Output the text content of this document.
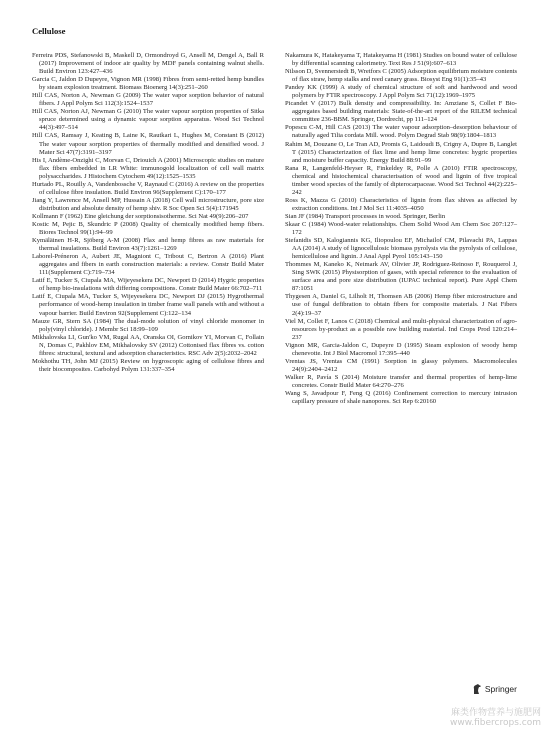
Cellulose

Ferreira PDS, Stefanowski B, Maskell D, Ormondroyd G, Ansell M, Dengel A, Ball R (2017) Improvement of indoor air quality by MDF panels containing walnut shells. Build Environ 123:427–436

Garcia C, Jaldon D Dupeyre, Vignon MR (1998) Fibres from semi-retted hemp bundles by steam explosion treatment. Biomass Bioenerg 14(3):251–260

Hill CAS, Norton A, Newman G (2009) The water vapor sorption behavior of natural fibers. J Appl Polym Sci 112(3):1524–1537

Hill CAS, Norton AJ, Newman G (2010) The water vapour sorption properties of Sitka spruce determined using a dynamic vapour sorption apparatus. Wood Sci Technol 44(3):497–514

Hill CAS, Ramsay J, Keating B, Laine K, Rautkari L, Hughes M, Constant B (2012) The water vapour sorption properties of thermally modified and densified wood. J Mater Sci 47(7):3191–3197

His I, Andème-Onzighi C, Morvan C, Driouich A (2001) Microscopic studies on mature flax fibers embedded in LR White: immunogold localization of cell wall matrix polysaccharides. J Histochem Cytochem 49(12):1525–1535

Hurtado PL, Rouilly A, Vandenbossche V, Raynaud C (2016) A review on the properties of cellulose fibre insulation. Build Environ 96(Supplement C):170–177

Jiang Y, Lawrence M, Ansell MP, Hussain A (2018) Cell wall microstructure, pore size distribution and absolute density of hemp shiv. R Soc Open Sci 5(4):171945

Kollmann F (1962) Eine gleichung der sorptionsisotherme. Sci Nat 49(9):206–207

Kostic M, Pejic B, Skundric P (2008) Quality of chemically modified hemp fibers. Biores Technol 99(1):94–99

Kymäläinen H-R, Sjöberg A-M (2008) Flax and hemp fibres as raw materials for thermal insulations. Build Environ 43(7):1261–1269

Laborel-Préneron A, Aubert JE, Magniont C, Tribout C, Bertron A (2016) Plant aggregates and fibers in earth construction materials: a review. Constr Build Mater 111(Supplement C):719–734

Latif E, Tucker S, Ciupala MA, Wijeyesekera DC, Newport D (2014) Hygric properties of hemp bio-insulations with differing compositions. Constr Build Mater 66:702–711

Latif E, Ciupala MA, Tucker S, Wijeyesekera DC, Newport DJ (2015) Hygrothermal performance of wood-hemp insulation in timber frame wall panels with and without a vapour barrier. Build Environ 92(Supplement C):122–134

Mauze GR, Stern SA (1984) The dual-mode solution of vinyl chloride monomer in poly(vinyl chloride). J Membr Sci 18:99–109

Mikhalovska LI, Gun'ko VM, Rugal AA, Oranska OI, Gornikov YI, Morvan C, Follain N, Domas C, Pakhlov EM, Mikhalovsky SV (2012) Cottonised flax fibres vs. cotton fibres: structural, textural and adsorption characteristics. RSC Adv 2(5):2032–2042

Mokhothu TH, John MJ (2015) Review on hygroscopic aging of cellulose fibres and their biocomposites. Carbohyd Polym 131:337–354

Nakamura K, Hatakeyama T, Hatakeyama H (1981) Studies on bound water of cellulose by differential scanning calorimetry. Text Res J 51(9):607–613

Nilsson D, Svennerstedt B, Wretfors C (2005) Adsorption equilibrium moisture contents of flax straw, hemp stalks and reed canary grass. Biosyst Eng 91(1):35–43

Pandey KK (1999) A study of chemical structure of soft and hardwood and wood polymers by FTIR spectroscopy. J Appl Polym Sci 71(12):1969–1975

Picandet V (2017) Bulk density and compressibility. In: Amziane S, Collet F Bio-aggregates based building materials: State-of-the-art report of the RILEM technical committee 236-BBM. Springer, Dordrecht, pp 111–124

Popescu C-M, Hill CAS (2013) The water vapour adsorption–desorption behaviour of naturally aged Tilia cordata Mill. wood. Polym Degrad Stab 98(9):1804–1813

Rahim M, Douzane O, Le Tran AD, Promis G, Laidoudi B, Crigny A, Dupre B, Langlet T (2015) Characterization of flax lime and hemp lime concretes: hygric properties and moisture buffer capacity. Energy Build 88:91–99

Rana R, Langenfeld-Heyser R, Finkeldey R, Polle A (2010) FTIR spectroscopy, chemical and histochemical characterisation of wood and lignin of five tropical timber wood species of the family of dipterocarpaceae. Wood Sci Technol 44(2):225–242

Ross K, Mazza G (2010) Characteristics of lignin from flax shives as affected by extraction conditions. Int J Mol Sci 11:4035–4050

Sian JF (1984) Transport processes in wood. Springer, Berlin

Skaar C (1984) Wood-water relationships. Chem Solid Wood Am Chem Soc 207:127–172

Stefanidis SD, Kalogiannis KG, Iliopoulou EF, Michailof CM, Pilavachi PA, Lappas AA (2014) A study of lignocellulosic biomass pyrolysis via the pyrolysis of cellulose, hemicellulose and lignin. J Anal Appl Pyrol 105:143–150

Thommes M, Kaneko K, Neimark AV, Olivier JP, Rodriguez-Reinoso F, Rouquerol J, Sing SWK (2015) Physisorption of gases, with special reference to the evaluation of surface area and pore size distribution (IUPAC technical report). Pure Appl Chem 87:1051

Thygesen A, Daniel G, Lilholt H, Thomsen AB (2006) Hemp fiber microstructure and use of fungal defibration to obtain fibers for composite materials. J Nat Fibers 2(4):19–37

Viel M, Collet F, Lanos C (2018) Chemical and multi-physical characterization of agro-resources by-product as a possible raw building material. Ind Crops Prod 120:214–237

Vignon MR, Garcia-Jaldon C, Dupeyre D (1995) Steam explosion of woody hemp chenevotte. Int J Biol Macromol 17:395–440

Vrentas JS, Vrentas CM (1991) Sorption in glassy polymers. Macromolecules 24(9):2404–2412

Walker R, Pavía S (2014) Moisture transfer and thermal properties of hemp-lime concretes. Constr Build Mater 64:270–276

Wang S, Javadpour F, Feng Q (2016) Confinement correction to mercury intrusion capillary pressure of shale nanopores. Sci Rep 6:20160

Springer
麻类作物营养与施肥网
www.fibercrops.com
